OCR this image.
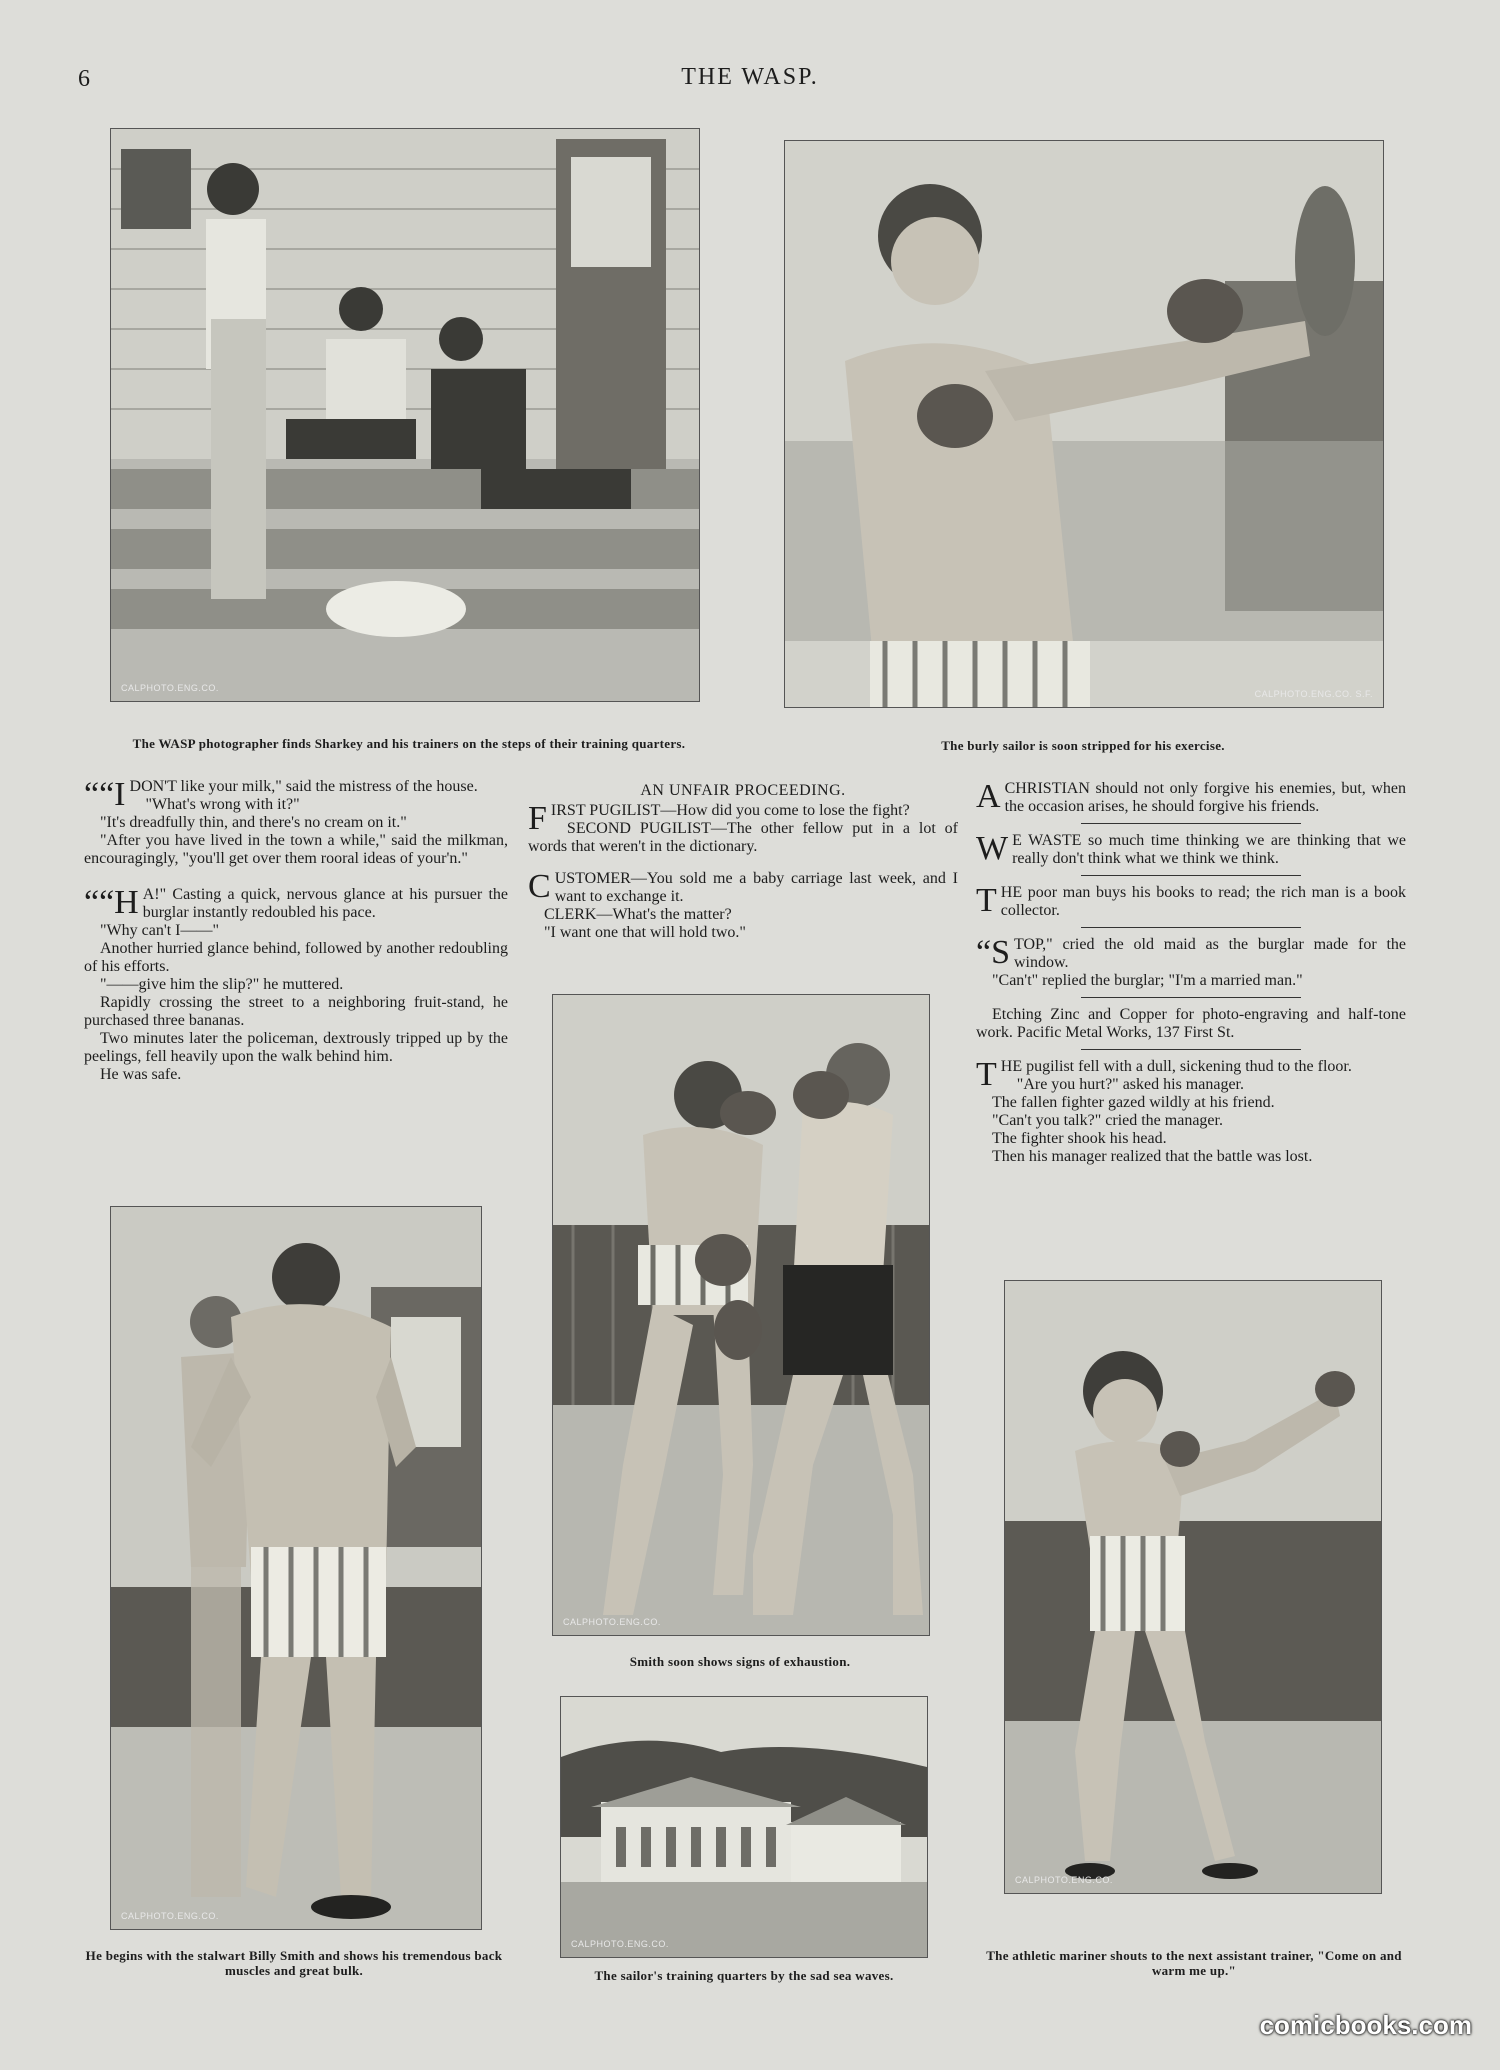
6	THE WASP.
CALPHOTO.ENG.CO.
CALPHOTO.ENG.CO. S.F.
The WASP photographer finds Sharkey and his trainers on the steps of their training quarters.	The burly sailor is soon stripped for his exercise.

““I DON'T like your milk," said the mistress of the house.

"What's wrong with it?"

"It's dreadfully thin, and there's no cream on it."

"After you have lived in the town a while," said the milkman, encouragingly, "you'll get over them rooral ideas of your'n."

““H A!" Casting a quick, nervous glance at his pursuer the burglar instantly redoubled his pace.

"Why can't I——"

Another hurried glance behind, followed by another redoubling of his efforts.

"——give him the slip?" he muttered.

Rapidly crossing the street to a neighboring fruit-stand, he purchased three bananas.

Two minutes later the policeman, dextrously tripped up by the peelings, fell heavily upon the walk behind him.

He was safe.

AN UNFAIR PROCEEDING.

FIRST PUGILIST—How did you come to lose the fight?

SECOND PUGILIST—The other fellow put in a lot of words that weren't in the dictionary.

CUSTOMER—You sold me a baby carriage last week, and I want to exchange it.

CLERK—What's the matter?

"I want one that will hold two."

ACHRISTIAN should not only forgive his enemies, but, when the occasion arises, he should forgive his friends.

W E WASTE so much time thinking we are thinking that we really don't think what we think we think.

THE poor man buys his books to read; the rich man is a book collector.

“STOP," cried the old maid as the burglar made for the window.

"Can't" replied the burglar; "I'm a married man."

Etching Zinc and Copper for photo-engraving and half-tone work. Pacific Metal Works, 137 First St.

THE pugilist fell with a dull, sickening thud to the floor.

"Are you hurt?" asked his manager.

The fallen fighter gazed wildly at his friend.

"Can't you talk?" cried the manager.

The fighter shook his head.

Then his manager realized that the battle was lost.

CALPHOTO.ENG.CO.
Smith soon shows signs of exhaustion.
CALPHOTO.ENG.CO.
He begins with the stalwart Billy Smith and shows his tremendous back muscles and great bulk.
CALPHOTO.ENG.CO.
The sailor's training quarters by the sad sea waves.
CALPHOTO.ENG.CO.
The athletic mariner shouts to the next assistant trainer, "Come on and warm me up."
comicbooks.com
